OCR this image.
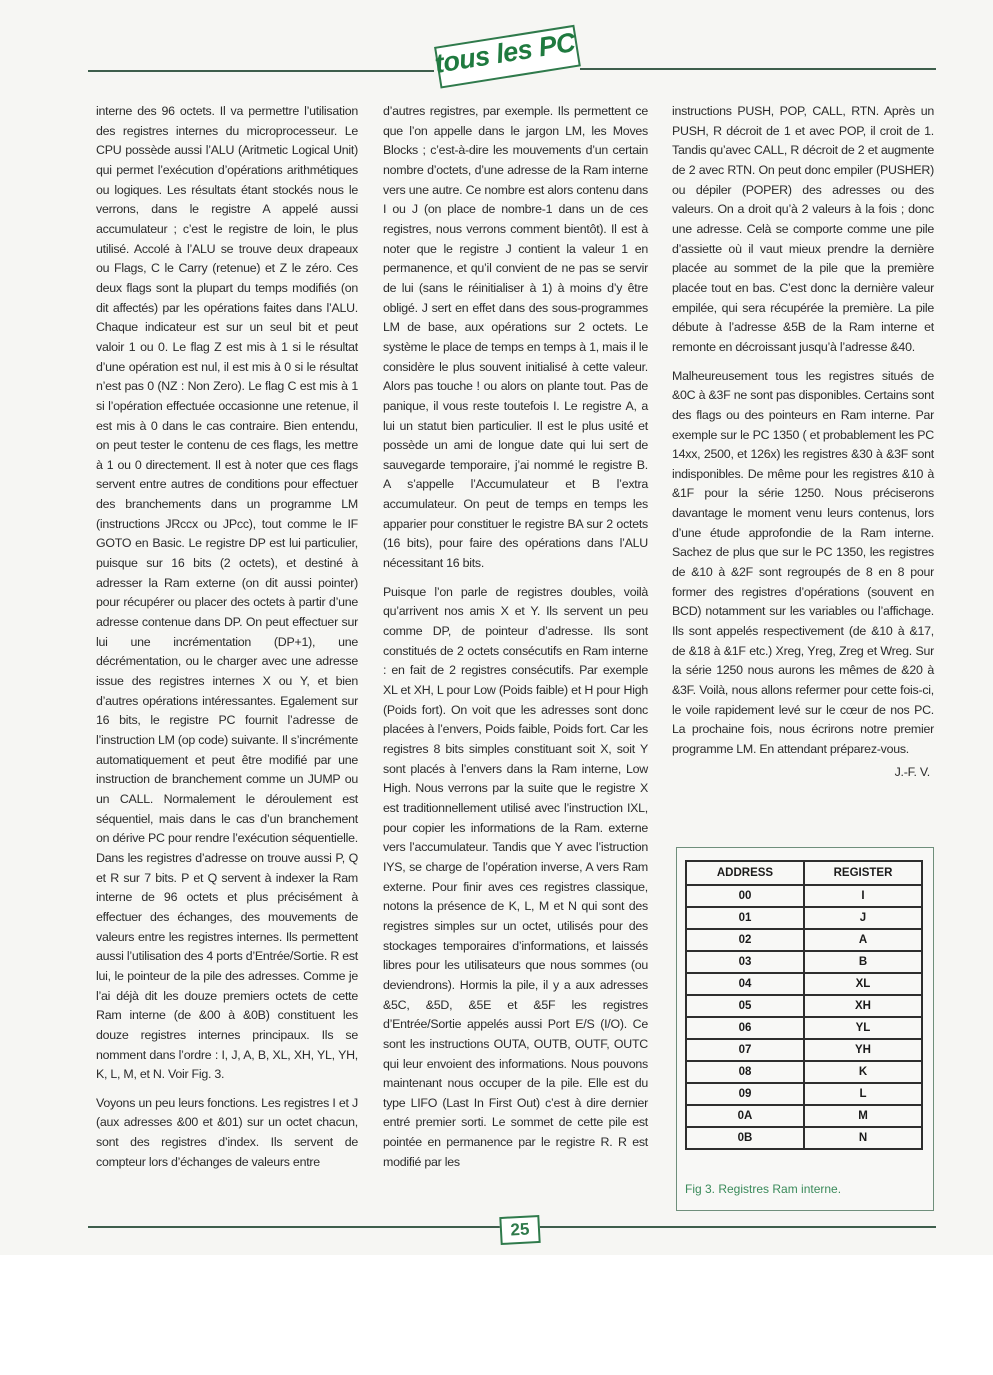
tous les PC

interne des 96 octets. Il va permettre l’utilisation des registres internes du microprocesseur. Le CPU possède aussi l’ALU (Aritmetic Logical Unit) qui permet l’exécution d’opérations arithmétiques ou logiques. Les résultats étant stockés nous le verrons, dans le registre A appelé aussi accumulateur ; c’est le registre de loin, le plus utilisé. Accolé à l’ALU se trouve deux drapeaux ou Flags, C le Carry (retenue) et Z le zéro. Ces deux flags sont la plupart du temps modifiés (on dit affectés) par les opérations faites dans l’ALU. Chaque indicateur est sur un seul bit et peut valoir 1 ou 0. Le flag Z est mis à 1 si le résultat d’une opération est nul, il est mis à 0 si le résultat n’est pas 0 (NZ : Non Zero). Le flag C est mis à 1 si l’opération effectuée occasionne une retenue, il est mis à 0 dans le cas contraire. Bien entendu, on peut tester le contenu de ces flags, les mettre à 1 ou 0 directement. Il est à noter que ces flags servent entre autres de conditions pour effectuer des branchements dans un programme LM (instructions JRccx ou JPcc), tout comme le IF GOTO en Basic. Le registre DP est lui particulier, puisque sur 16 bits (2 octets), et destiné à adresser la Ram externe (on dit aussi pointer) pour récupérer ou placer des octets à partir d’une adresse contenue dans DP. On peut effectuer sur lui une incrémentation (DP+1), une décrémentation, ou le charger avec une adresse issue des registres internes X ou Y, et bien d’autres opérations intéressantes. Egalement sur 16 bits, le registre PC fournit l’adresse de l’instruction LM (op code) suivante. Il s’incrémente automatiquement et peut être modifié par une instruction de branchement comme un JUMP ou un CALL. Normalement le déroulement est séquentiel, mais dans le cas d’un branchement on dérive PC pour rendre l’exécution séquentielle. Dans les registres d’adresse on trouve aussi P, Q et R sur 7 bits. P et Q servent à indexer la Ram interne de 96 octets et plus précisément à effectuer des échanges, des mouvements de valeurs entre les registres internes. Ils permettent aussi l’utilisation des 4 ports d’Entrée/Sortie. R est lui, le pointeur de la pile des adresses. Comme je l’ai déjà dit les douze premiers octets de cette Ram interne (de &00 à &0B) constituent les douze registres internes principaux. Ils se nomment dans l’ordre : I, J, A, B, XL, XH, YL, YH, K, L, M, et N. Voir Fig. 3.

Voyons un peu leurs fonctions. Les registres I et J (aux adresses &00 et &01) sur un octet chacun, sont des registres d’index. Ils servent de compteur lors d’échanges de valeurs entre

d’autres registres, par exemple. Ils permettent ce que l’on appelle dans le jargon LM, les Moves Blocks ; c’est-à-dire les mouvements d’un certain nombre d’octets, d’une adresse de la Ram interne vers une autre. Ce nombre est alors contenu dans I ou J (on place de nombre-1 dans un de ces registres, nous verrons comment bientôt). Il est à noter que le registre J contient la valeur 1 en permanence, et qu’il convient de ne pas se servir de lui (sans le réinitialiser à 1) à moins d’y être obligé. J sert en effet dans des sous-programmes LM de base, aux opérations sur 2 octets. Le système le place de temps en temps à 1, mais il le considère le plus souvent initialisé à cette valeur. Alors pas touche ! ou alors on plante tout. Pas de panique, il vous reste toutefois I. Le registre A, a lui un statut bien particulier. Il est le plus usité et possède un ami de longue date qui lui sert de sauvegarde temporaire, j’ai nommé le registre B. A s’appelle l’Accumulateur et B l’extra accumulateur. On peut de temps en temps les apparier pour constituer le registre BA sur 2 octets (16 bits), pour faire des opérations dans l’ALU nécessitant 16 bits.

Puisque l’on parle de registres doubles, voilà qu’arrivent nos amis X et Y. Ils servent un peu comme DP, de pointeur d’adresse. Ils sont constitués de 2 octets consécutifs en Ram interne : en fait de 2 registres consécutifs. Par exemple XL et XH, L pour Low (Poids faible) et H pour High (Poids fort). On voit que les adresses sont donc placées à l’envers, Poids faible, Poids fort. Car les registres 8 bits simples constituant soit X, soit Y sont placés à l’envers dans la Ram interne, Low High. Nous verrons par la suite que le registre X est traditionnellement utilisé avec l’instruction IXL, pour copier les informations de la Ram. externe vers l’accumulateur. Tandis que Y avec l’istruction IYS, se charge de l’opération inverse, A vers Ram externe. Pour finir aves ces registres classique, notons la présence de K, L, M et N qui sont des registres simples sur un octet, utilisés pour des stockages temporaires d’informations, et laissés libres pour les utilisateurs que nous sommes (ou deviendrons). Hormis la pile, il y a aux adresses &5C, &5D, &5E et &5F les registres d’Entrée/Sortie appelés aussi Port E/S (I/O). Ce sont les instructions OUTA, OUTB, OUTF, OUTC qui leur envoient des informations. Nous pouvons maintenant nous occuper de la pile. Elle est du type LIFO (Last In First Out) c’est à dire dernier entré premier sorti. Le sommet de cette pile est pointée en permanence par le registre R. R est modifié par les

instructions PUSH, POP, CALL, RTN. Après un PUSH, R décroit de 1 et avec POP, il croit de 1. Tandis qu’avec CALL, R décroit de 2 et augmente de 2 avec RTN. On peut donc empiler (PUSHER) ou dépiler (POPER) des adresses ou des valeurs. On a droit qu’à 2 valeurs à la fois ; donc une adresse. Celà se comporte comme une pile d’assiette où il vaut mieux prendre la dernière placée au sommet de la pile que la première placée tout en bas. C’est donc la dernière valeur empilée, qui sera récupérée la première. La pile débute à l’adresse &5B de la Ram interne et remonte en décroissant jusqu’à l’adresse &40.

Malheureusement tous les registres situés de &0C à &3F ne sont pas disponibles. Certains sont des flags ou des pointeurs en Ram interne. Par exemple sur le PC 1350 ( et probablement les PC 14xx, 2500, et 126x) les registres &30 à &3F sont indisponibles. De même pour les registres &10 à &1F pour la série 1250. Nous préciserons davantage le moment venu leurs contenus, lors d’une étude approfondie de la Ram interne. Sachez de plus que sur le PC 1350, les registres de &10 à &2F sont regroupés de 8 en 8 pour former des registres d’opérations (souvent en BCD) notamment sur les variables ou l’affichage. Ils sont appelés respectivement (de &10 à &17, de &18 à &1F etc.) Xreg, Yreg, Zreg et Wreg. Sur la série 1250 nous aurons les mêmes de &20 à &3F. Voilà, nous allons refermer pour cette fois-ci, le voile rapidement levé sur le cœur de nos PC. La prochaine fois, nous écrirons notre premier programme LM. En attendant préparez-vous.

J.-F. V.
ADDRESS	REGISTER
00	I
01	J
02	A
03	B
04	XL
05	XH
06	YL
07	YH
08	K
09	L
0A	M
0B	N
Fig 3. Registres Ram interne.
25
